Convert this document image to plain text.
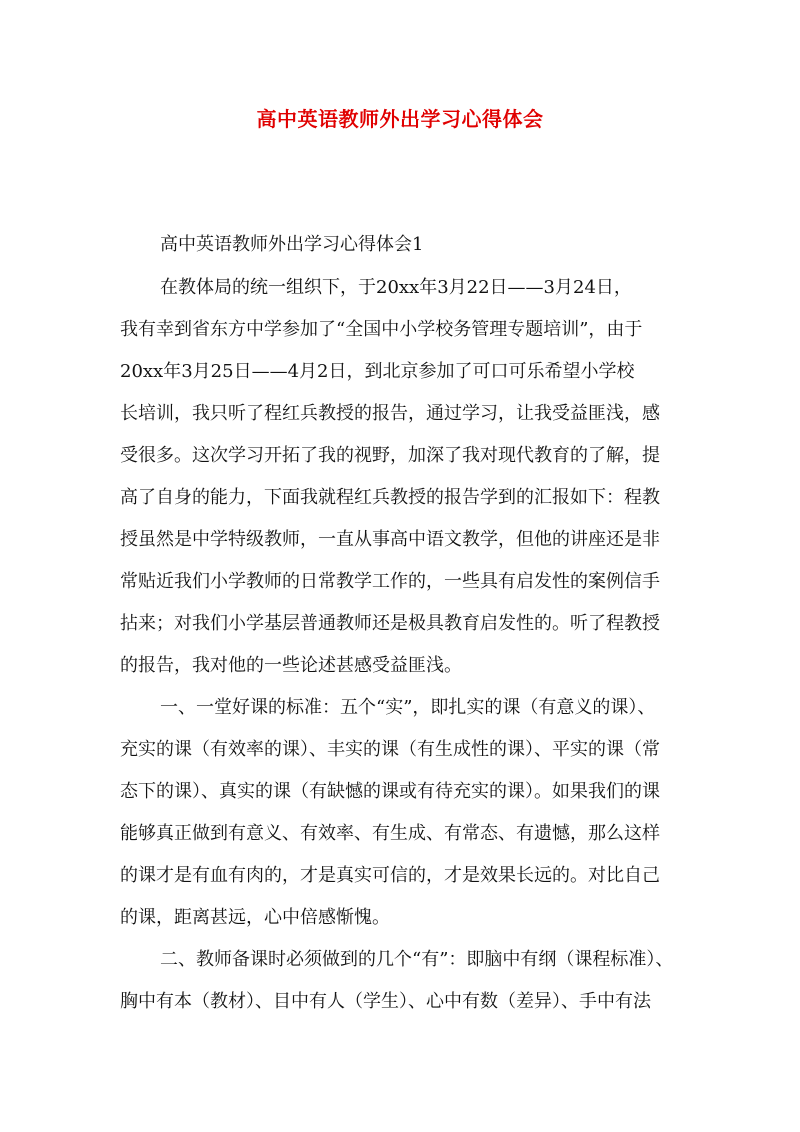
高中英语教师外出学习心得体会
高中英语教师外出学习心得体会1
在教体局的统一组织下，于20xx年3月22日——3月24日，
我有幸到省东方中学参加了“全国中小学校务管理专题培训”，由于
20xx年3月25日——4月2日，到北京参加了可口可乐希望小学校
长培训，我只听了程红兵教授的报告，通过学习，让我受益匪浅，感
受很多。这次学习开拓了我的视野，加深了我对现代教育的了解，提
高了自身的能力，下面我就程红兵教授的报告学到的汇报如下：程教
授虽然是中学特级教师，一直从事高中语文教学，但他的讲座还是非
常贴近我们小学教师的日常教学工作的，一些具有启发性的案例信手
拈来；对我们小学基层普通教师还是极具教育启发性的。听了程教授
的报告，我对他的一些论述甚感受益匪浅。
一、一堂好课的标准：五个“实”，即扎实的课（有意义的课）、
充实的课（有效率的课）、丰实的课（有生成性的课）、平实的课（常
态下的课）、真实的课（有缺憾的课或有待充实的课）。如果我们的课
能够真正做到有意义、有效率、有生成、有常态、有遗憾，那么这样
的课才是有血有肉的，才是真实可信的，才是效果长远的。对比自己
的课，距离甚远，心中倍感惭愧。
二、教师备课时必须做到的几个“有”：即脑中有纲（课程标准）、
胸中有本（教材）、目中有人（学生）、心中有数（差异）、手中有法
